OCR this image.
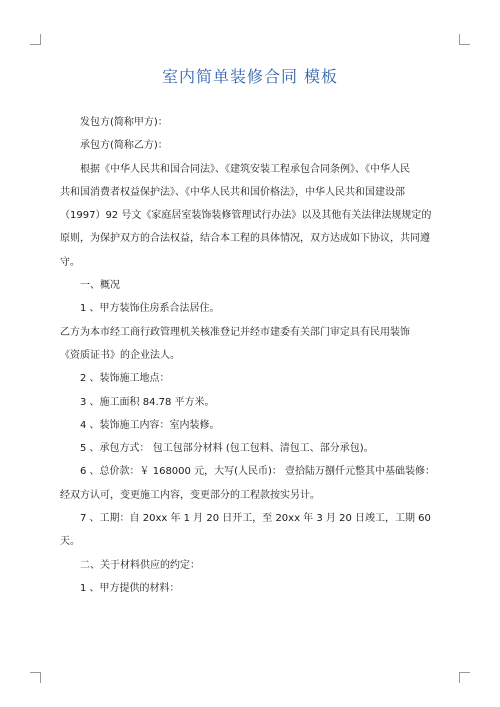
室内简单装修合同 模板

发包方(简称甲方)：

承包方(简称乙方)：

根据《中华人民共和国合同法》、《建筑安装工程承包合同条例》、《中华人民

共和国消费者权益保护法》、《中华人民共和国价格法》，中华人民共和国建设部

（1997）92 号文《家庭居室装饰装修管理试行办法》以及其他有关法律法规规定的

原则，为保护双方的合法权益，结合本工程的具体情况，双方达成如下协议，共同遵

守。

一、概况

1 、甲方装饰住房系合法居住。

乙方为本市经工商行政管理机关核准登记并经市建委有关部门审定具有民用装饰

《资质证书》的企业法人。

2 、装饰施工地点：

3 、施工面积 84.78 平方米。

4 、装饰施工内容：室内装修。

5 、承包方式： 包工包部分材料 (包工包料、清包工、部分承包)。

6 、总价款：￥ 168000 元，大写(人民币)： 壹拾陆万捌仟元整其中基础装修：

经双方认可，变更施工内容，变更部分的工程款按实另计。

7 、工期：自 20xx 年 1 月 20 日开工，至 20xx 年 3 月 20 日竣工，工期 60

天。

二、关于材料供应的约定：

1 、甲方提供的材料：
